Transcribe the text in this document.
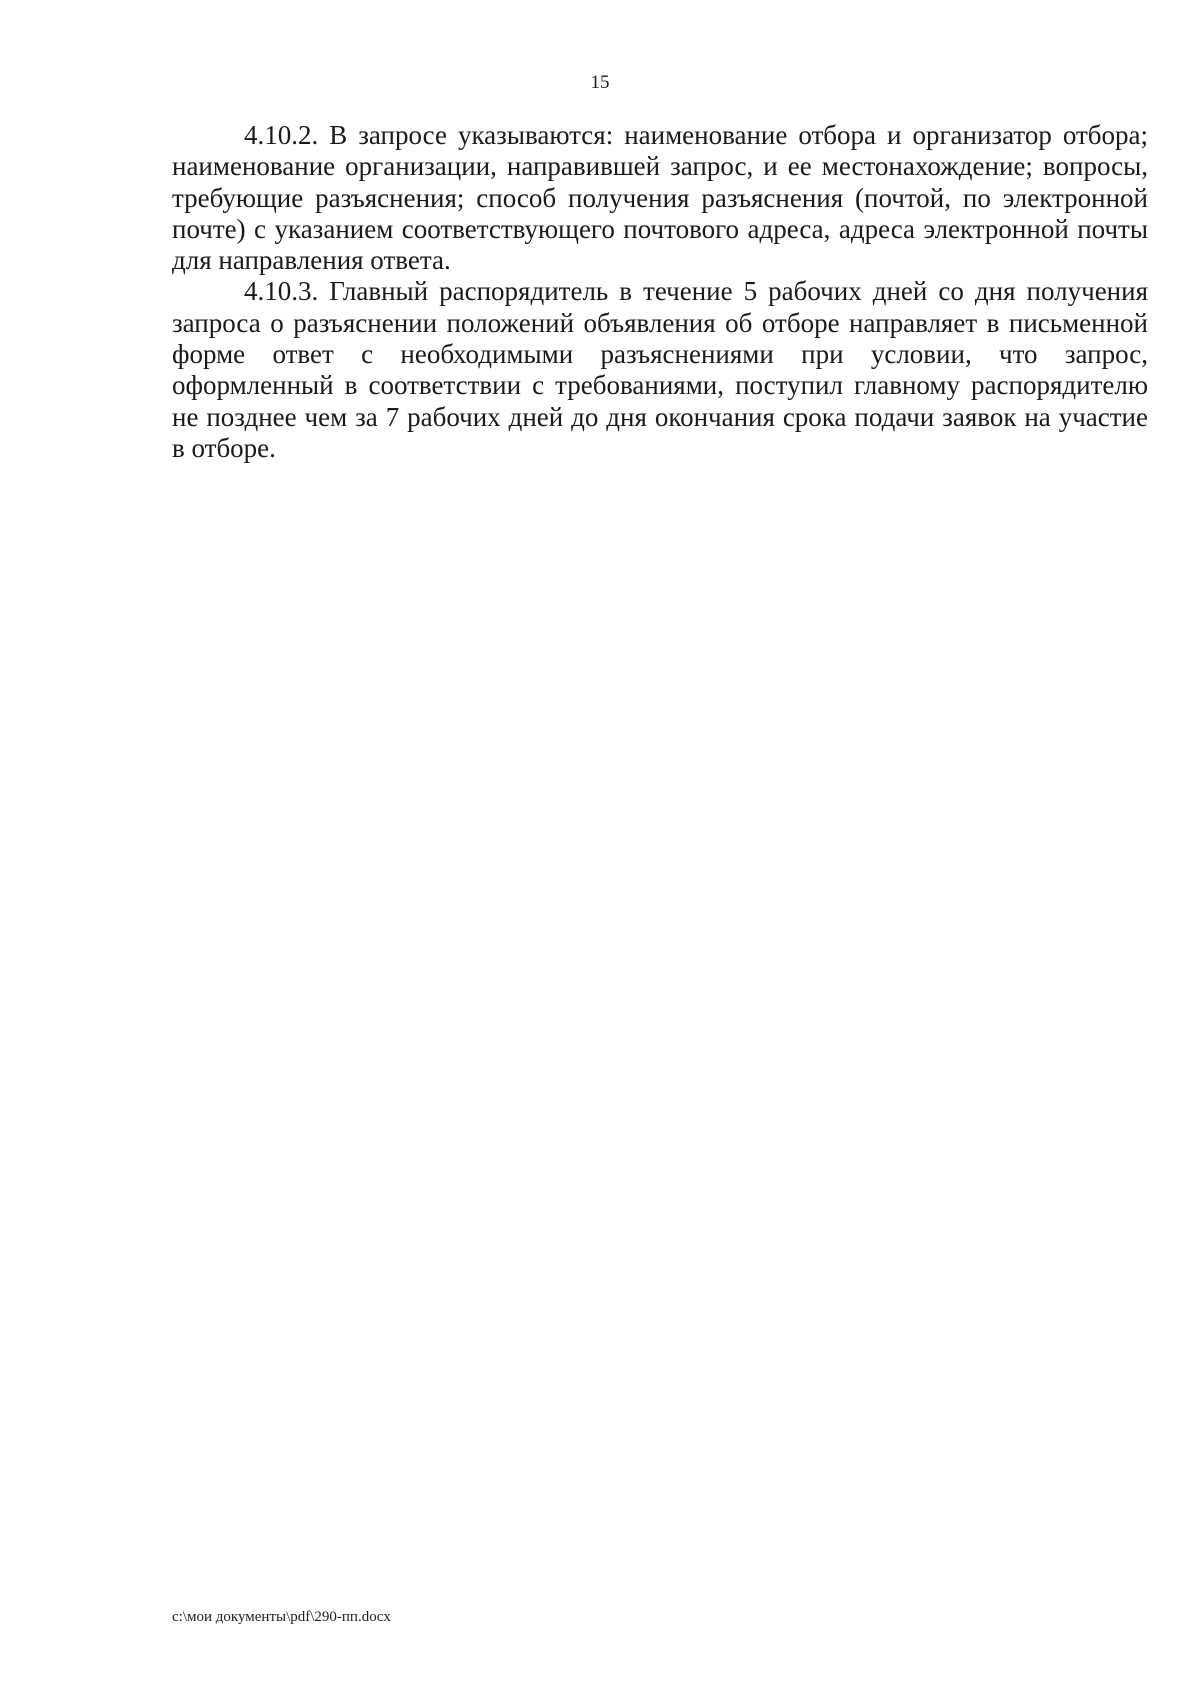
15

4.10.2. В запросе указываются: наименование отбора и организатор отбора; наименование организации, направившей запрос, и ее местонахождение; вопросы, требующие разъяснения; способ получения разъяснения (почтой, по электронной почте) с указанием соответствующего почтового адреса, адреса электронной почты для направления ответа.

4.10.3. Главный распорядитель в течение 5 рабочих дней со дня получения запроса о разъяснении положений объявления об отборе направляет в письменной форме ответ с необходимыми разъяснениями при условии, что запрос, оформленный в соответствии с требованиями, поступил главному распорядителю не позднее чем за 7 рабочих дней до дня окончания срока подачи заявок на участие в отборе.

c:\мои документы\pdf\290-пп.docx
